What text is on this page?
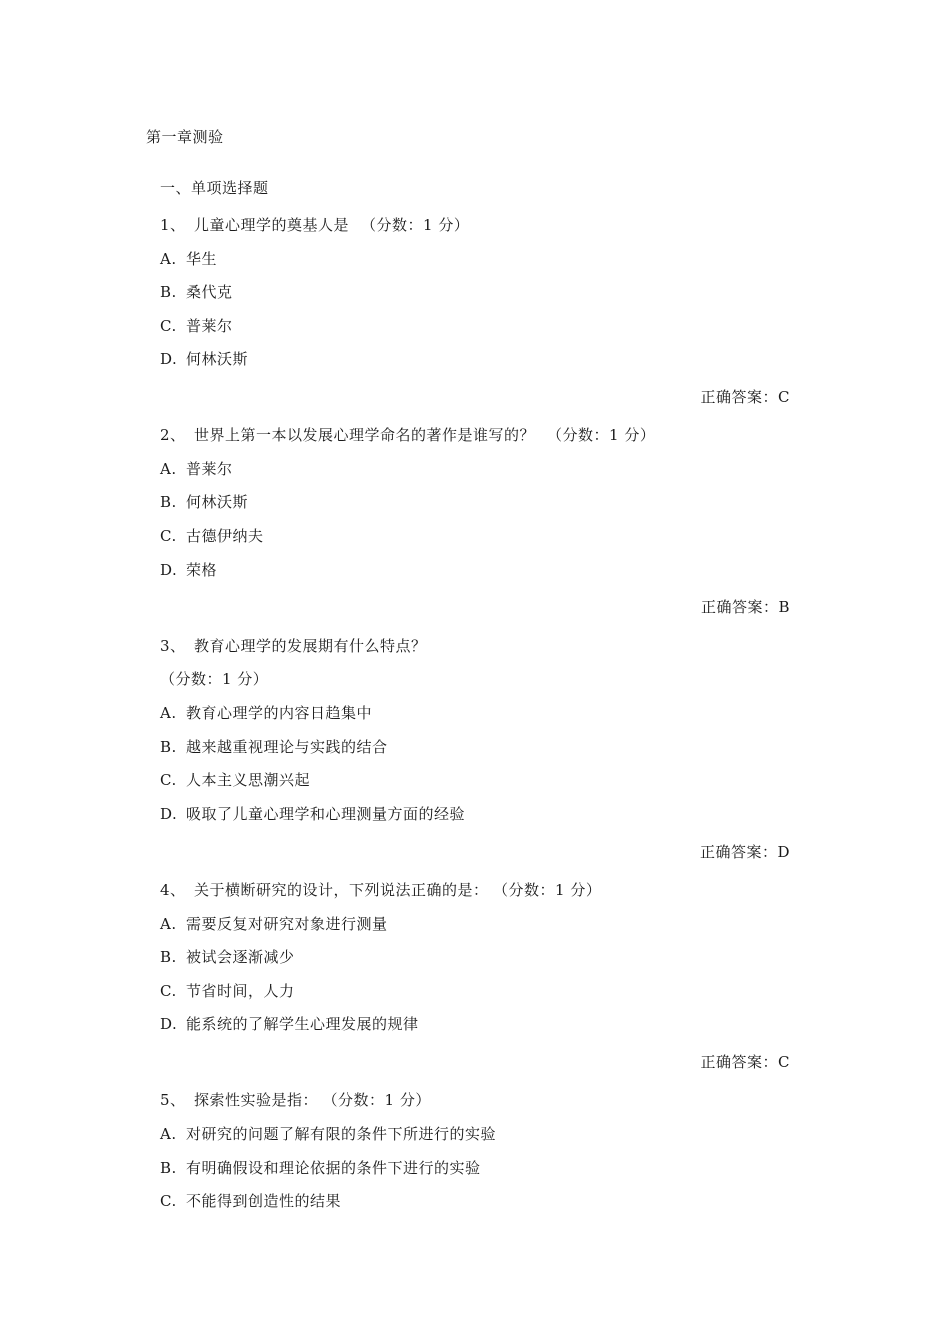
第一章测验
一、单项选择题
1、 儿童心理学的奠基人是 （分数：1 分）
A. 华生
B. 桑代克
C. 普莱尔
D. 何林沃斯
正确答案：C
2、 世界上第一本以发展心理学命名的著作是谁写的？ （分数：1 分）
A. 普莱尔
B. 何林沃斯
C. 古德伊纳夫
D. 荣格
正确答案：B
3、 教育心理学的发展期有什么特点？
（分数：1 分）
A. 教育心理学的内容日趋集中
B. 越来越重视理论与实践的结合
C. 人本主义思潮兴起
D. 吸取了儿童心理学和心理测量方面的经验
正确答案：D
4、 关于横断研究的设计，下列说法正确的是： （分数：1 分）
A. 需要反复对研究对象进行测量
B. 被试会逐渐减少
C. 节省时间，人力
D. 能系统的了解学生心理发展的规律
正确答案：C
5、 探索性实验是指： （分数：1 分）
A. 对研究的问题了解有限的条件下所进行的实验
B. 有明确假设和理论依据的条件下进行的实验
C. 不能得到创造性的结果
